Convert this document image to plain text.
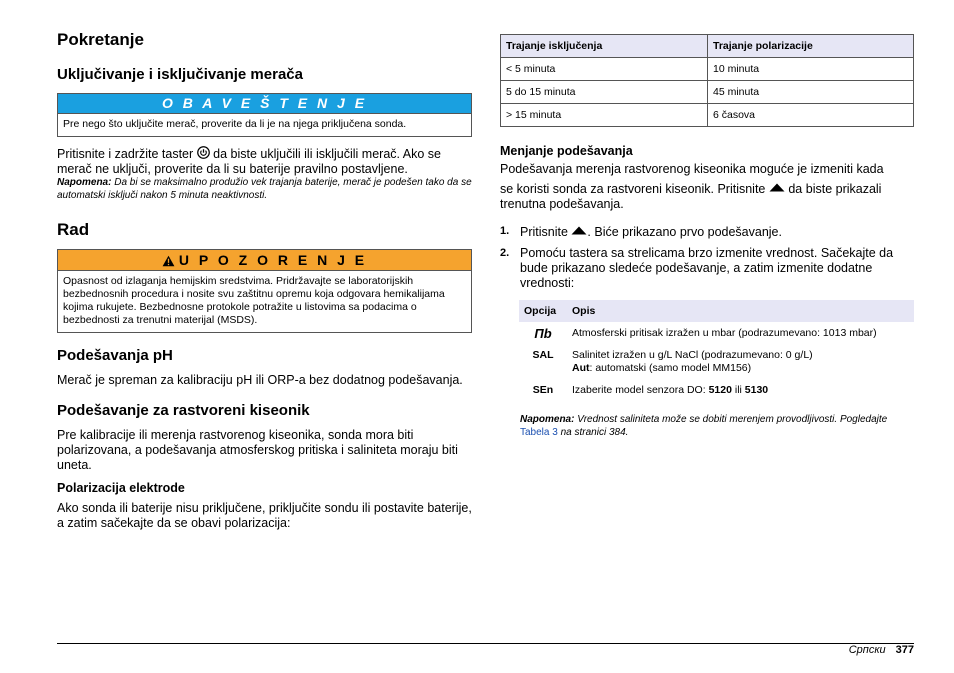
Pokretanje
Uključivanje i isključivanje merača
O B A V E Š T E N J E
Pre nego što uključite merač, proverite da li je na njega priključena sonda.

Pritisnite i zadržite taster da biste uključili ili isključili merač. Ako se merač ne uključi, proverite da li su baterije pravilno postavljene.

Napomena: Da bi se maksimalno produžio vek trajanja baterije, merač je podešen tako da se automatski isključi nakon 5 minuta neaktivnosti.

Rad
U P O Z O R E N J E
Opasnost od izlaganja hemijskim sredstvima. Pridržavajte se laboratorijskih bezbednosnih procedura i nosite svu zaštitnu opremu koja odgovara hemikalijama kojima rukujete. Bezbednosne protokole potražite u listovima sa podacima o bezbednosti za trenutni materijal (MSDS).
Podešavanja pH

Merač je spreman za kalibraciju pH ili ORP-a bez dodatnog podešavanja.

Podešavanje za rastvoreni kiseonik

Pre kalibracije ili merenja rastvorenog kiseonika, sonda mora biti polarizovana, a podešavanja atmosferskog pritiska i saliniteta moraju biti uneta.

Polarizacija elektrode

Ako sonda ili baterije nisu priključene, priključite sondu ili postavite baterije, a zatim sačekajte da se obavi polarizacija:

Trajanje isključenja	Trajanje polarizacije
< 5 minuta	10 minuta
5 do 15 minuta	45 minuta
> 15 minuta	6 časova
Menjanje podešavanja

Podešavanja merenja rastvorenog kiseonika moguće je izmeniti kada

se koristi sonda za rastvoreni kiseonik. Pritisnite da biste prikazali trenutna podešavanja.

1. Pritisnite . Biće prikazano prvo podešavanje.
2. Pomoću tastera sa strelicama brzo izmenite vrednost. Sačekajte da bude prikazano sledeće podešavanje, a zatim izmenite dodatne vrednosti:
Opcija	Opis
Пb	Atmosferski pritisak izražen u mbar (podrazumevano: 1013 mbar)
SAL	Salinitet izražen u g/L NaCl (podrazumevano: 0 g/L)
Aut: automatski (samo model MM156)

SEn	Izaberite model senzora DO: 5120 ili 5130

Napomena: Vrednost saliniteta može se dobiti merenjem provodljivosti. Pogledajte Tabela 3 na stranici 384.

Српски 377
